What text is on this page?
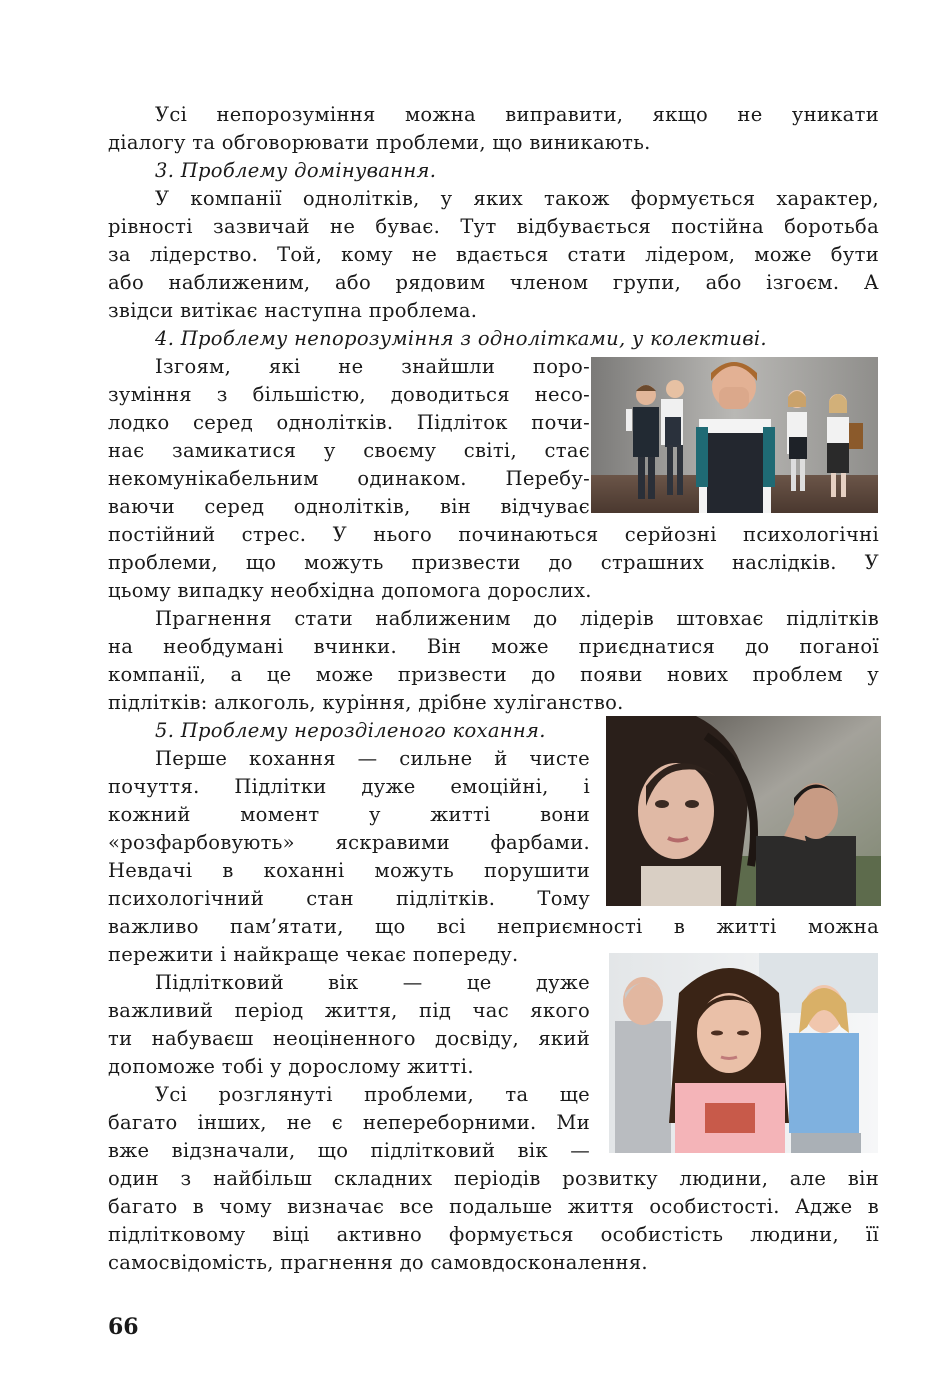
Усі непорозуміння можна виправити, якщо не уникати
діалогу та обговорювати проблеми, що виникають.
3. Проблему домінування.
У компанії однолітків, у яких також формується характер,
рівності зазвичай не буває. Тут відбувається постійна боротьба
за лідерство. Той, кому не вдається стати лідером, може бути
або наближеним, або рядовим членом групи, або ізгоєм. А
звідси витікає наступна проблема.
4. Проблему непорозуміння з однолітками, у колективі.
Ізгоям, які не знайшли поро-
зуміння з більшістю, доводиться несо-
лодко серед однолітків. Підліток почи-
нає замикатися у своєму світі, стає
некомунікабельним одинаком. Перебу-
ваючи серед однолітків, він відчуває
постійний стрес. У нього починаються серйозні психологічні
проблеми, що можуть призвести до страшних наслідків. У
цьому випадку необхідна допомога дорослих.
Прагнення стати наближеним до лідерів штовхає підлітків
на необдумані вчинки. Він може приєднатися до поганої
компанії, а це може призвести до появи нових проблем у
підлітків: алкоголь, куріння, дрібне хуліганство.
5. Проблему нерозділеного кохання.
Перше кохання — сильне й чисте
почуття. Підлітки дуже емоційні, і
кожний момент у житті вони
«розфарбовують» яскравими фарбами.
Невдачі в коханні можуть порушити
психологічний стан підлітків. Тому
важливо пам’ятати, що всі неприємності в житті можна
пережити і найкраще чекає попереду.
Підлітковий вік — це дуже
важливий період життя, під час якого
ти набуваєш неоціненного досвіду, який
допоможе тобі у дорослому житті.
Усі розглянуті проблеми, та ще
багато інших, не є непереборними. Ми
вже відзначали, що підлітковий вік —
один з найбільш складних періодів розвитку людини, але він
багато в чому визначає все подальше життя особистості. Адже в
підлітковому віці активно формується особистість людини, її
самосвідомість, прагнення до самовдосконалення.
66
